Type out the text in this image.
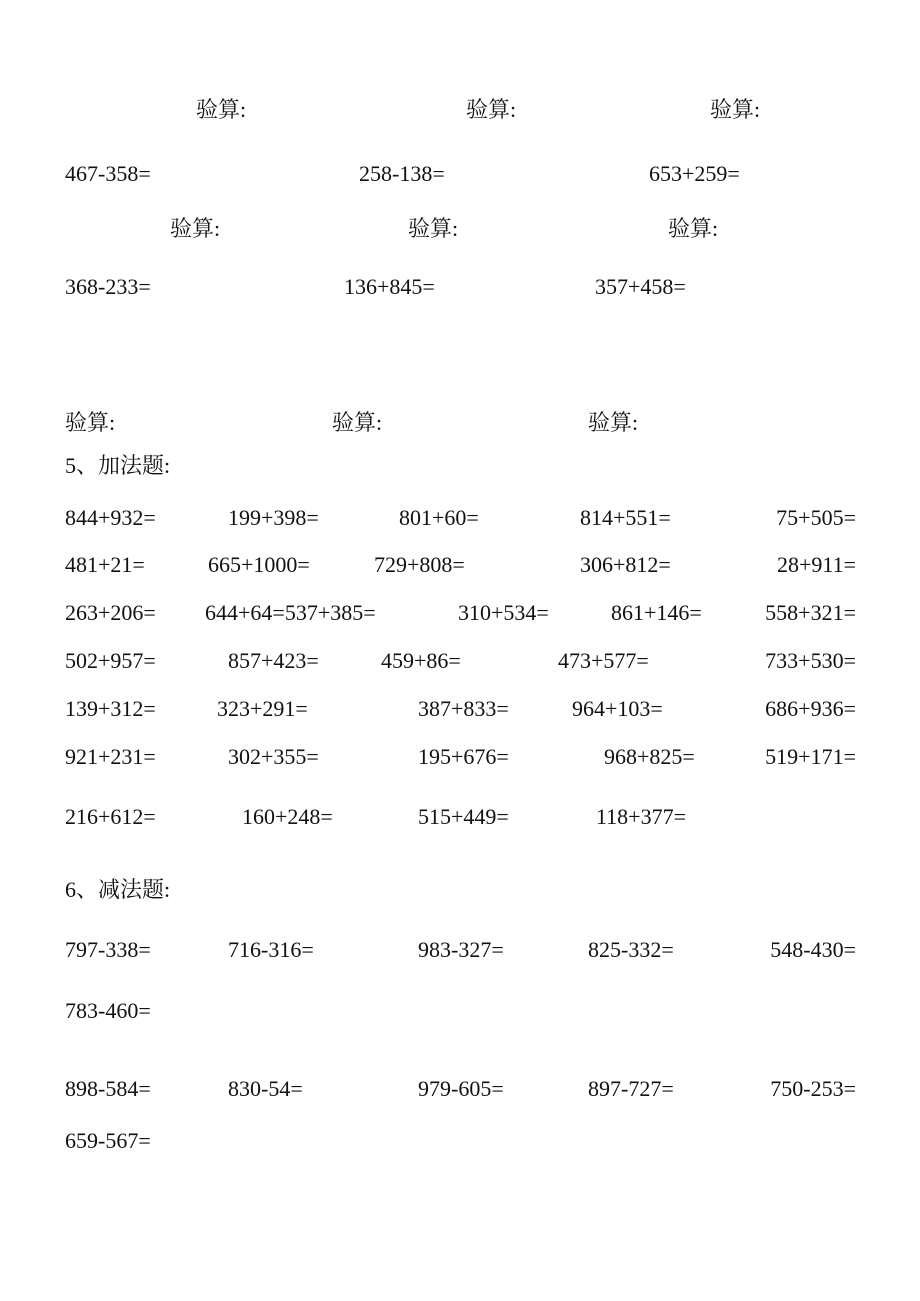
验算:	验算:	验算:
467-358=	258-138=	653+259=
验算:	验算:	验算:
368-233=	136+845=	357+458=
验算:	验算:	验算:
5、加法题:
844+932=	199+398=	801+60=	814+551=	75+505=
481+21=	665+1000=	729+808=	306+812=	28+911=
263+206= 644+64=537+385=	310+534=	861+146=	558+321=
502+957=	857+423=	459+86=	473+577=	733+530=
139+312=	323+291=	387+833=	964+103=	686+936=
921+231=	302+355=	195+676=	968+825=	519+171=
216+612=	160+248=	515+449=	118+377=
6、减法题:
797-338=	716-316=	983-327=	825-332=	548-430=
783-460=
898-584=	830-54=	979-605=	897-727=	750-253=
659-567=
